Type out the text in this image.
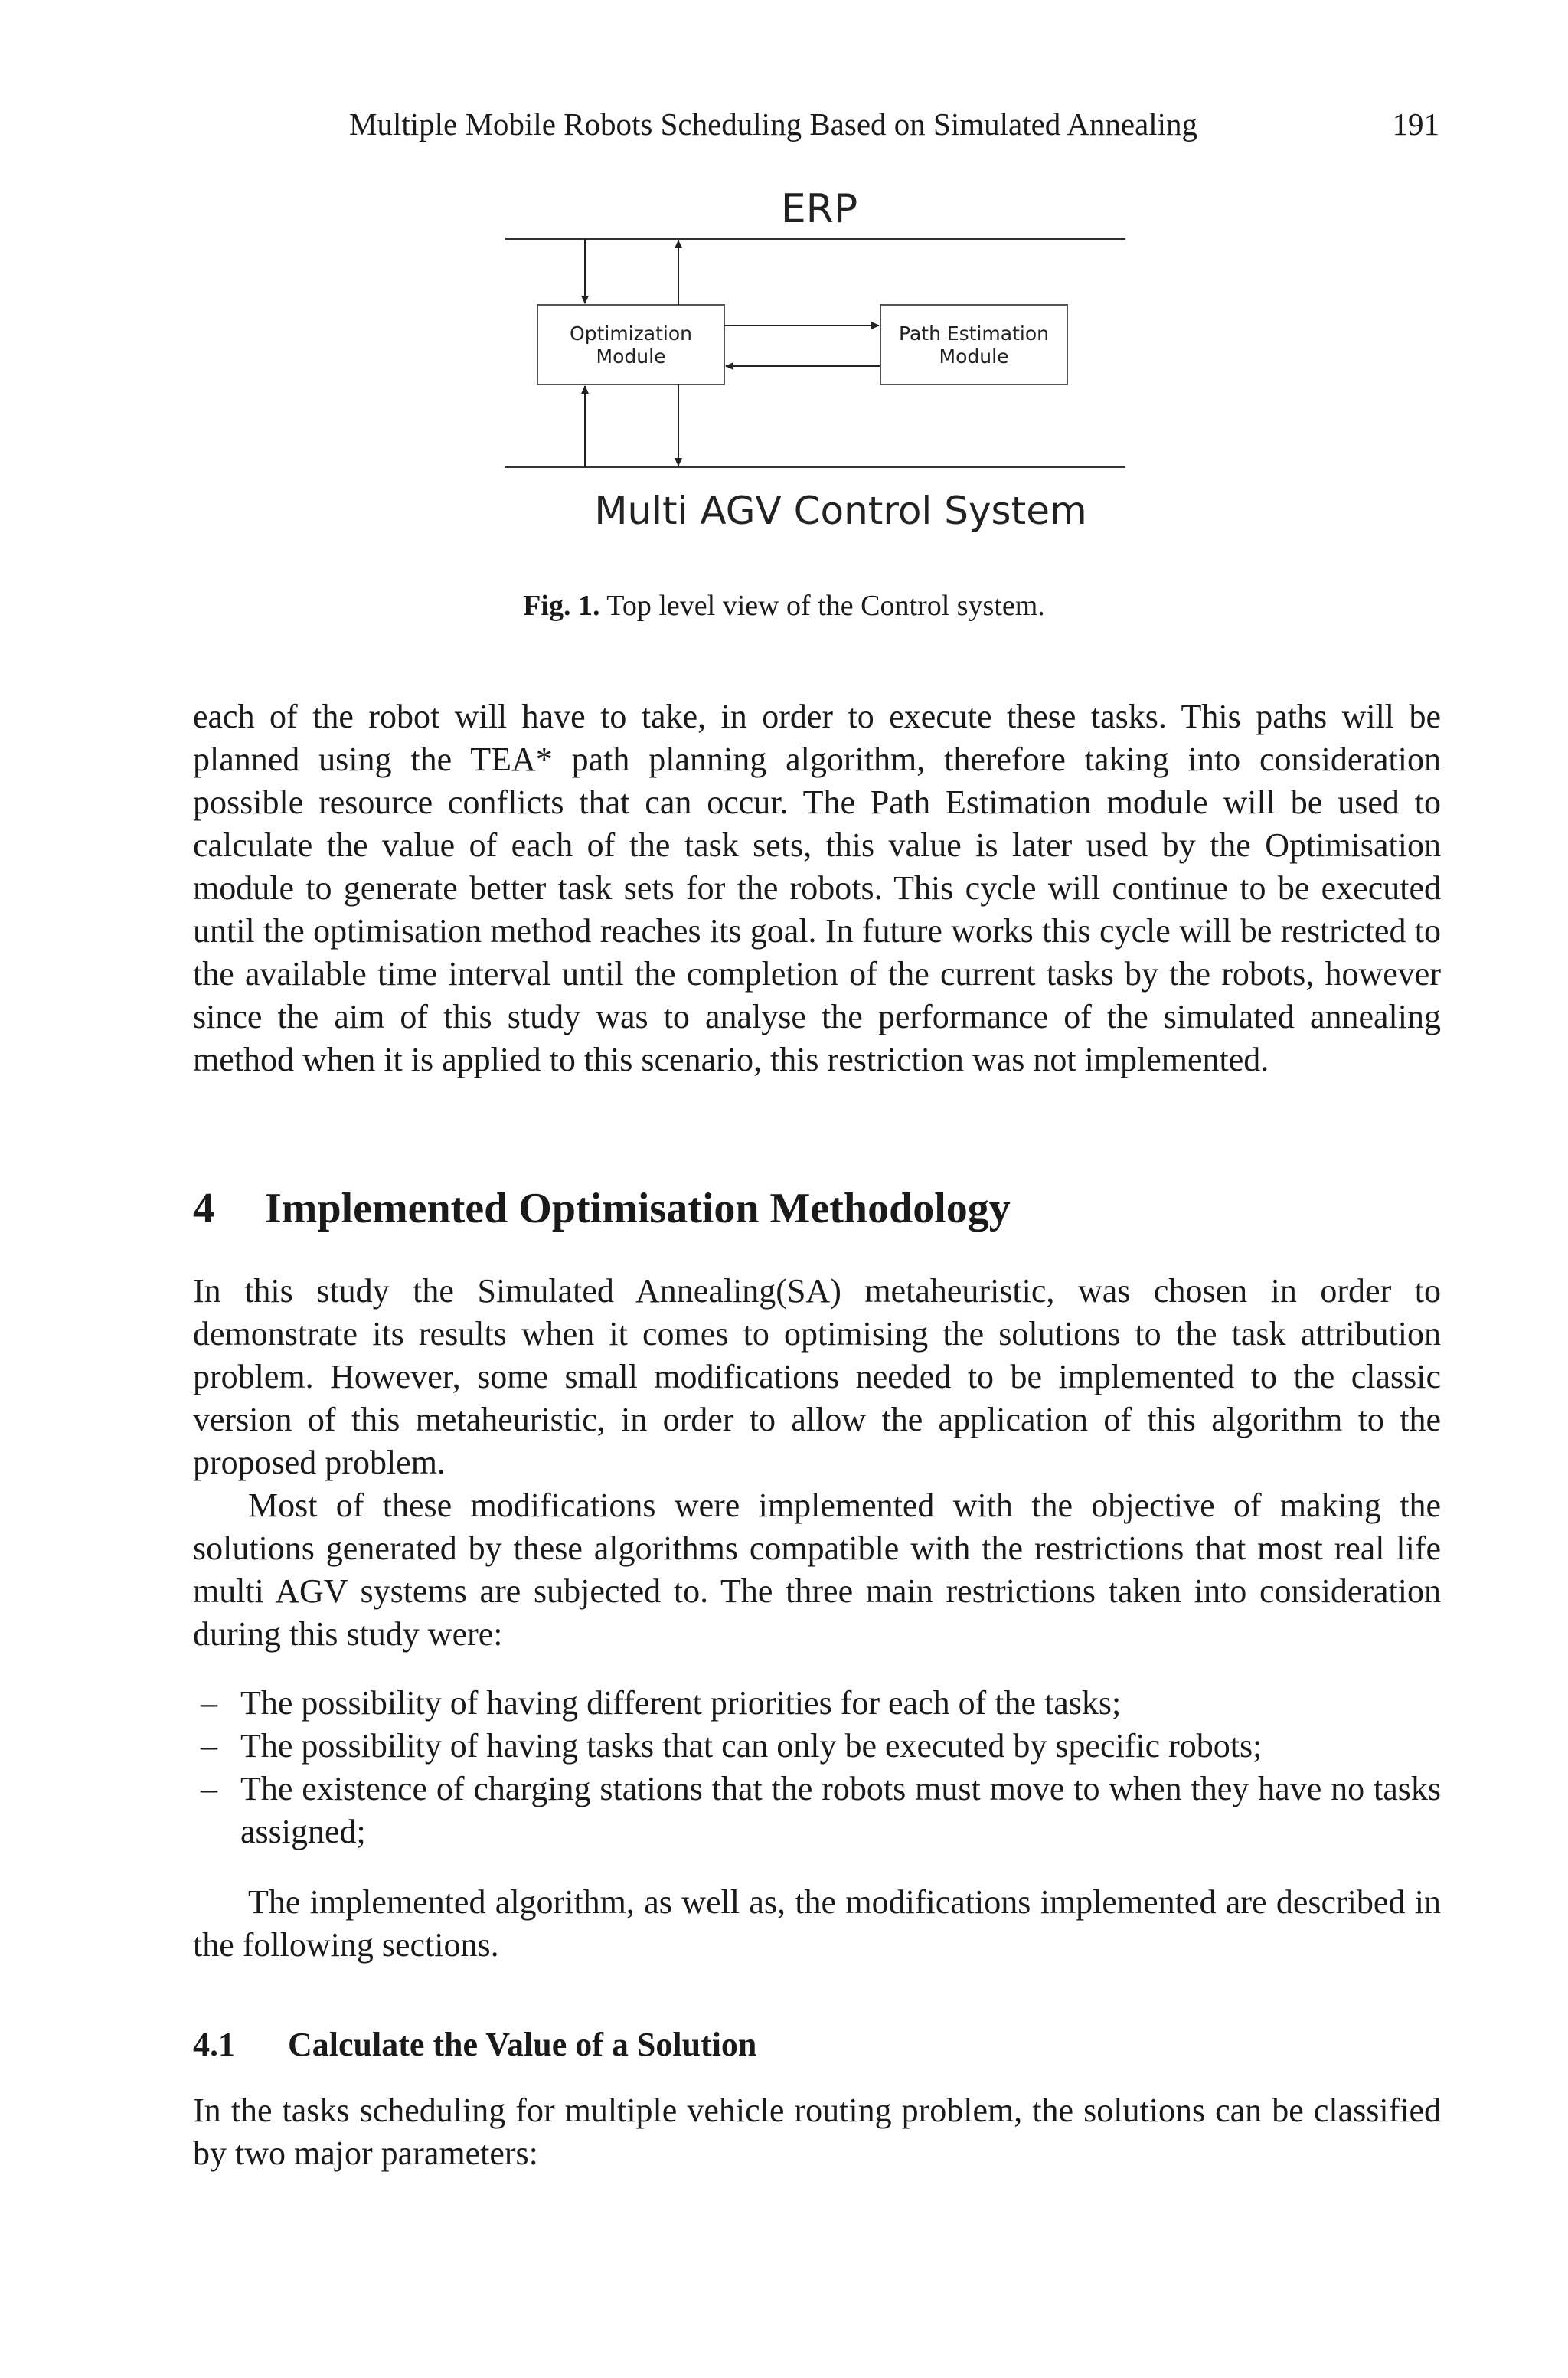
Multiple Mobile Robots Scheduling Based on Simulated Annealing	191
ERP
Optimization
Module
Path Estimation
Module
Multi AGV Control System
Fig. 1. Top level view of the Control system.

each of the robot will have to take, in order to execute these tasks. This paths will be planned using the TEA* path planning algorithm, therefore taking into consideration possible resource conflicts that can occur. The Path Estimation module will be used to calculate the value of each of the task sets, this value is later used by the Optimisation module to generate better task sets for the robots. This cycle will continue to be executed until the optimisation method reaches its goal. In future works this cycle will be restricted to the available time interval until the completion of the current tasks by the robots, however since the aim of this study was to analyse the performance of the simulated annealing method when it is applied to this scenario, this restriction was not implemented.

4 Implemented Optimisation Methodology

In this study the Simulated Annealing(SA) metaheuristic, was chosen in order to demonstrate its results when it comes to optimising the solutions to the task attribution problem. However, some small modifications needed to be implemented to the classic version of this metaheuristic, in order to allow the application of this algorithm to the proposed problem.

Most of these modifications were implemented with the objective of making the solutions generated by these algorithms compatible with the restrictions that most real life multi AGV systems are subjected to. The three main restrictions taken into consideration during this study were:

– The possibility of having different priorities for each of the tasks;
– The possibility of having tasks that can only be executed by specific robots;
– The existence of charging stations that the robots must move to when they have no tasks assigned;

The implemented algorithm, as well as, the modifications implemented are described in the following sections.

4.1 Calculate the Value of a Solution

In the tasks scheduling for multiple vehicle routing problem, the solutions can be classified by two major parameters:
